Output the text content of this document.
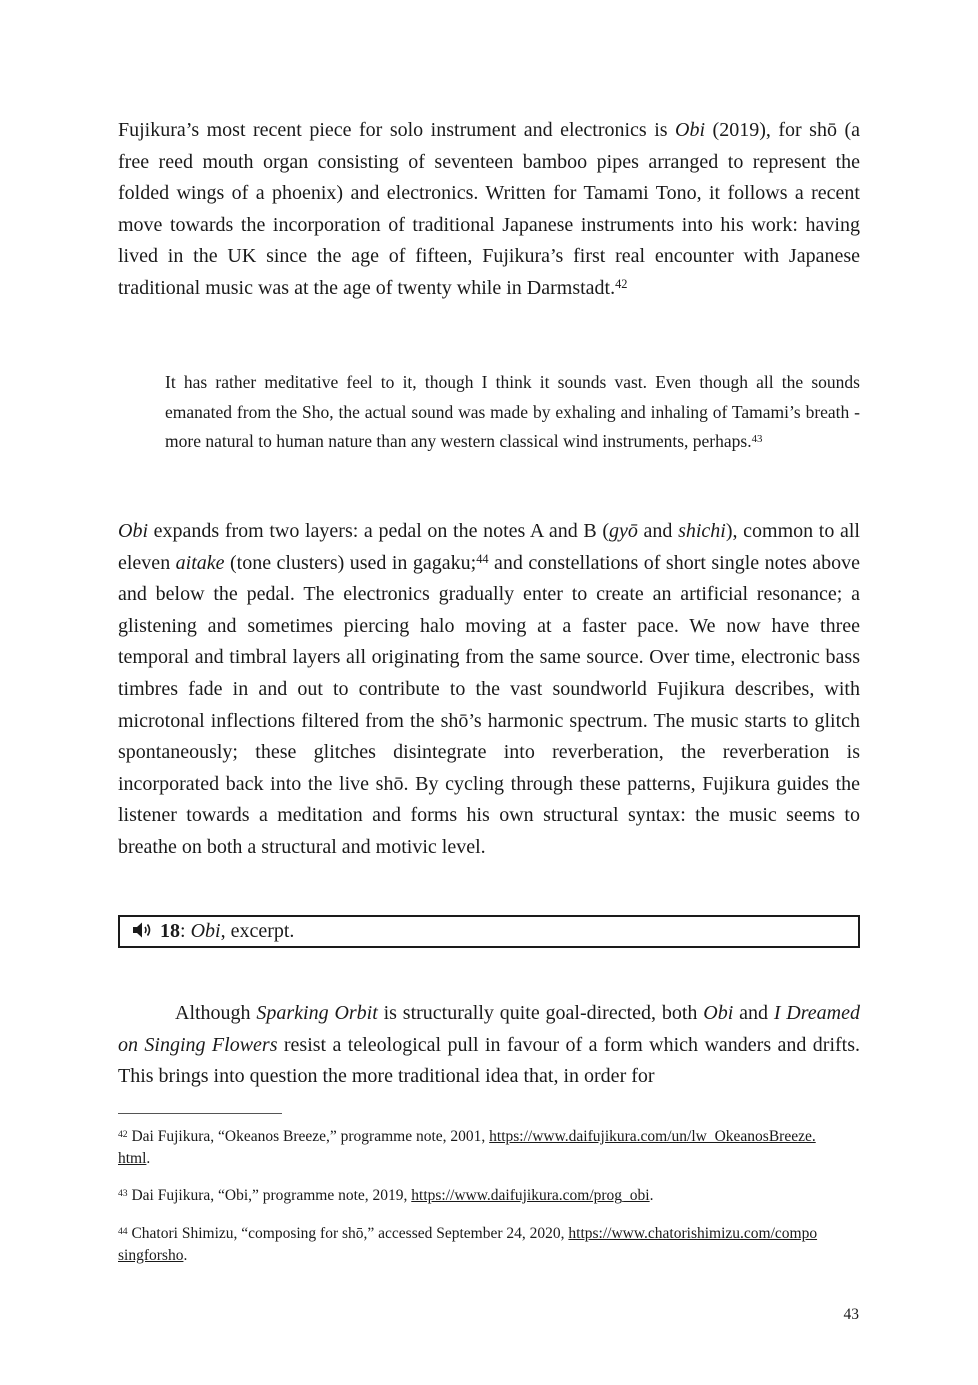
Fujikura’s most recent piece for solo instrument and electronics is Obi (2019), for shō (a free reed mouth organ consisting of seventeen bamboo pipes arranged to represent the folded wings of a phoenix) and electronics. Written for Tamami Tono, it follows a recent move towards the incorporation of traditional Japanese instruments into his work: having lived in the UK since the age of fifteen, Fujikura’s first real encounter with Japanese traditional music was at the age of twenty while in Darmstadt.$^{42}$

It has rather meditative feel to it, though I think it sounds vast. Even though all the sounds emanated from the Sho, the actual sound was made by exhaling and inhaling of Tamami’s breath - more natural to human nature than any western classical wind instruments, perhaps.$^{43}$

Obi expands from two layers: a pedal on the notes A and B (gyō and shichi), common to all eleven aitake (tone clusters) used in gagaku;$^{44}$ and constellations of short single notes above and below the pedal. The electronics gradually enter to create an artificial resonance; a glistening and sometimes piercing halo moving at a faster pace. We now have three temporal and timbral layers all originating from the same source. Over time, electronic bass timbres fade in and out to contribute to the vast soundworld Fujikura describes, with microtonal inflections filtered from the shō’s harmonic spectrum. The music starts to glitch spontaneously; these glitches disintegrate into reverberation, the reverberation is incorporated back into the live shō. By cycling through these patterns, Fujikura guides the listener towards a meditation and forms his own structural syntax: the music seems to breathe on both a structural and motivic level.

18: Obi, excerpt.

Although Sparking Orbit is structurally quite goal-directed, both Obi and I Dreamed on Singing Flowers resist a teleological pull in favour of a form which wanders and drifts. This brings into question the more traditional idea that, in order for

$^{42}$ Dai Fujikura, “Okeanos Breeze,” programme note, 2001, https://www.daifujikura.com/un/lw_OkeanosBreeze.html.

$^{43}$ Dai Fujikura, “Obi,” programme note, 2019, https://www.daifujikura.com/prog_obi.

$^{44}$ Chatori Shimizu, “composing for shō,” accessed September 24, 2020, https://www.chatorishimizu.com/composingforsho.

43
